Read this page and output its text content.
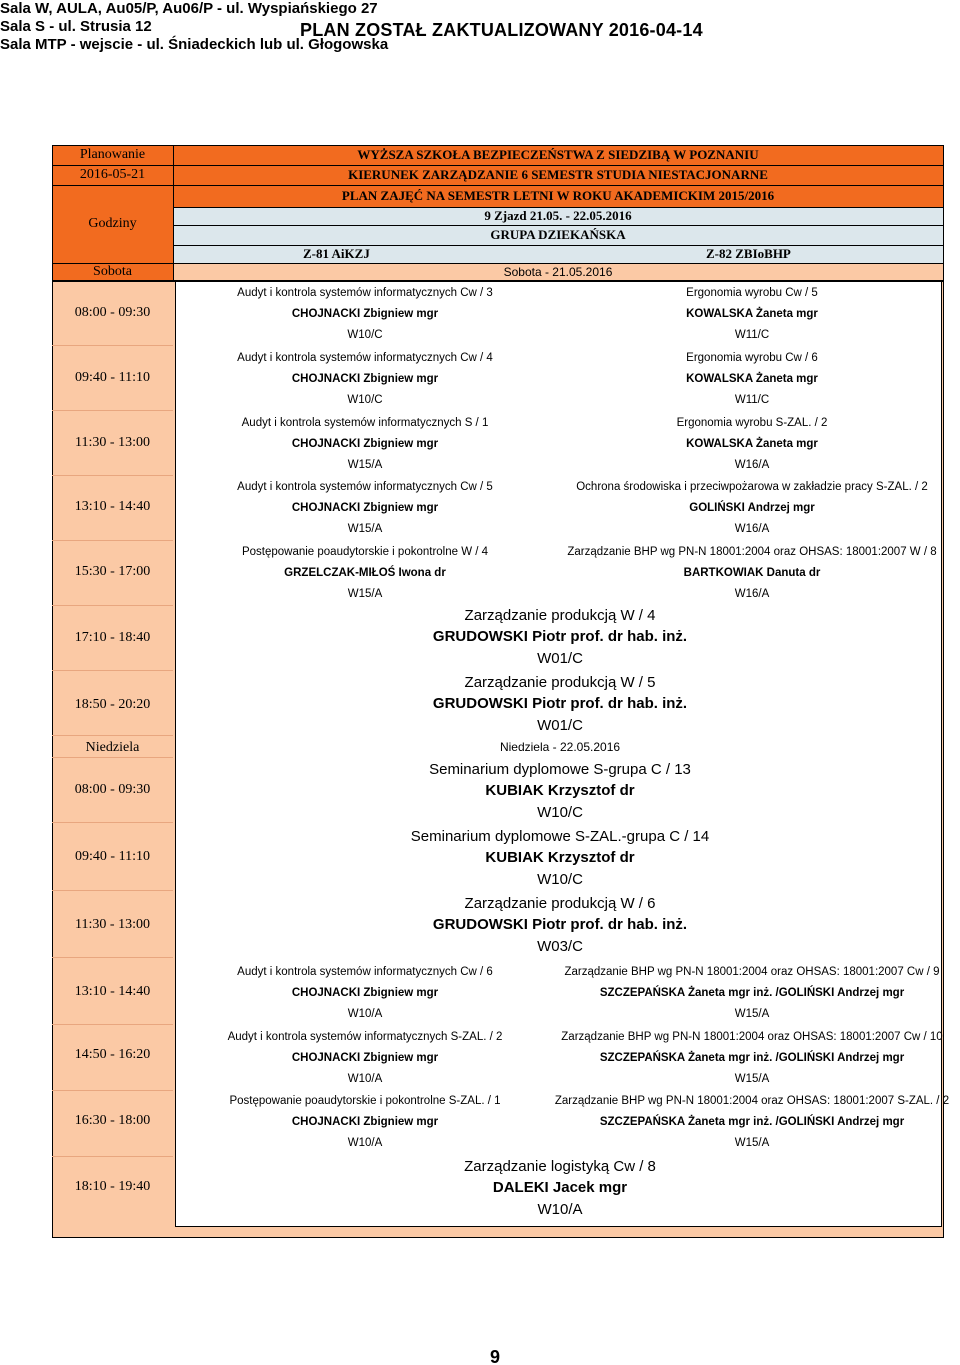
Sala W, AULA, Au05/P, Au06/P - ul. Wyspiańskiego 27
Sala S - ul. Strusia 12
Sala MTP - wejscie - ul. Śniadeckich lub ul. Głogowska
PLAN ZOSTAŁ ZAKTUALIZOWANY 2016-04-14
Planowanie
2016-05-21
Godziny
Sobota
WYŻSZA SZKOŁA BEZPIECZEŃSTWA Z SIEDZIBĄ W POZNANIU
KIERUNEK ZARZĄDZANIE 6 SEMESTR STUDIA NIESTACJONARNE
PLAN ZAJĘĆ NA SEMESTR LETNI W ROKU AKADEMICKIM 2015/2016
9 Zjazd 21.05. - 22.05.2016
GRUPA DZIEKAŃSKA
Z-81 AiKZJ	Z-82 ZBIoBHP
Sobota - 21.05.2016
08:00 - 09:30
09:40 - 11:10
11:30 - 13:00
13:10 - 14:40
15:30 - 17:00
17:10 - 18:40
18:50 - 20:20
Niedziela	Niedziela - 22.05.2016
08:00 - 09:30
09:40 - 11:10
11:30 - 13:00
13:10 - 14:40
14:50 - 16:20
16:30 - 18:00
18:10 - 19:40
Audyt i kontrola systemów informatycznych Cw / 3
CHOJNACKI Zbigniew mgr
W10/C
Ergonomia wyrobu Cw / 5
KOWALSKA Żaneta mgr
W11/C
Audyt i kontrola systemów informatycznych Cw / 4
CHOJNACKI Zbigniew mgr
W10/C
Ergonomia wyrobu Cw / 6
KOWALSKA Żaneta mgr
W11/C
Audyt i kontrola systemów informatycznych S / 1
CHOJNACKI Zbigniew mgr
W15/A
Ergonomia wyrobu S-ZAL. / 2
KOWALSKA Żaneta mgr
W16/A
Audyt i kontrola systemów informatycznych Cw / 5
CHOJNACKI Zbigniew mgr
W15/A
Ochrona środowiska i przeciwpożarowa w zakładzie pracy S-ZAL. / 2
GOLIŃSKI Andrzej mgr
W16/A
Postępowanie poaudytorskie i pokontrolne W / 4
GRZELCZAK-MIŁOŚ Iwona dr
W15/A
Zarządzanie BHP wg PN-N 18001:2004 oraz OHSAS: 18001:2007 W / 8
BARTKOWIAK Danuta dr
W16/A
Zarządzanie produkcją W / 4
GRUDOWSKI Piotr prof. dr hab. inż.
W01/C
Zarządzanie produkcją W / 5
GRUDOWSKI Piotr prof. dr hab. inż.
W01/C
Seminarium dyplomowe S-grupa C / 13
KUBIAK Krzysztof dr
W10/C
Seminarium dyplomowe S-ZAL.-grupa C / 14
KUBIAK Krzysztof dr
W10/C
Zarządzanie produkcją W / 6
GRUDOWSKI Piotr prof. dr hab. inż.
W03/C
Audyt i kontrola systemów informatycznych Cw / 6
CHOJNACKI Zbigniew mgr
W10/A
Zarządzanie BHP wg PN-N 18001:2004 oraz OHSAS: 18001:2007 Cw / 9
SZCZEPAŃSKA Żaneta mgr inż. /GOLIŃSKI Andrzej mgr
W15/A
Audyt i kontrola systemów informatycznych S-ZAL. / 2
CHOJNACKI Zbigniew mgr
W10/A
Zarządzanie BHP wg PN-N 18001:2004 oraz OHSAS: 18001:2007 Cw / 10
SZCZEPAŃSKA Żaneta mgr inż. /GOLIŃSKI Andrzej mgr
W15/A
Postępowanie poaudytorskie i pokontrolne S-ZAL. / 1
CHOJNACKI Zbigniew mgr
W10/A
Zarządzanie BHP wg PN-N 18001:2004 oraz OHSAS: 18001:2007 S-ZAL. / 2
SZCZEPAŃSKA Żaneta mgr inż. /GOLIŃSKI Andrzej mgr
W15/A
Zarządzanie logistyką Cw / 8
DALEKI Jacek mgr
W10/A
9
